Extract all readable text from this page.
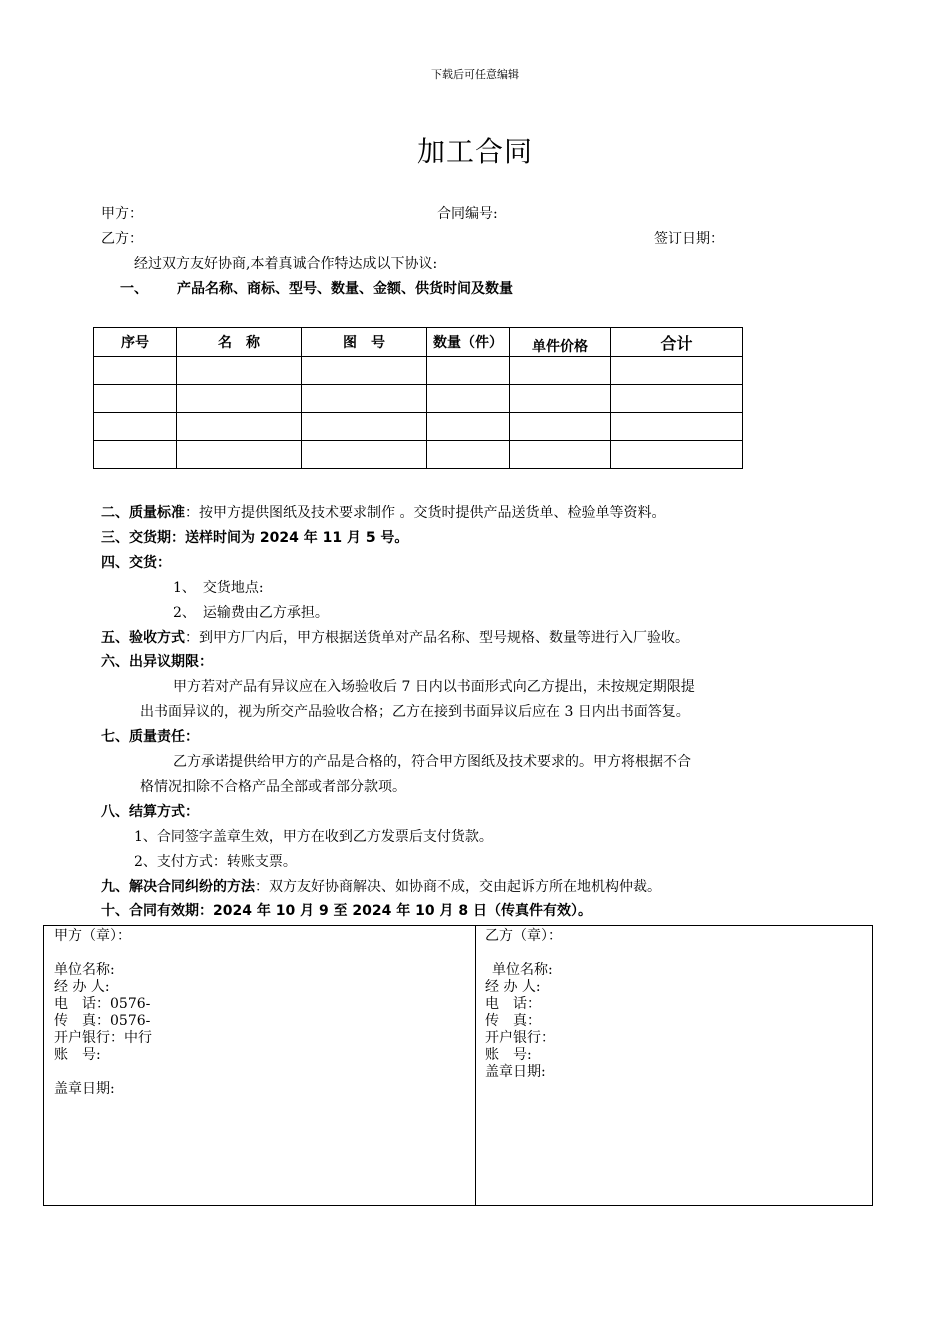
下载后可任意编辑
加工合同
甲方：	合同编号:
乙方：	签订日期：
经过双方友好协商,本着真诚合作特达成以下协议:
一、 产品名称、商标、型号、数量、金额、供货时间及数量
序号	名　称	图　号	数量（件）	单件价格	合计

二、质量标准：按甲方提供图纸及技术要求制作 。交货时提供产品送货单、检验单等资料。
三、交货期：送样时间为 2024 年 11 月 5 号。
四、交货：
1、　交货地点:
2、　运输费由乙方承担。
五、验收方式：到甲方厂内后，甲方根据送货单对产品名称、型号规格、数量等进行入厂验收。
六、出异议期限：
甲方若对产品有异议应在入场验收后 7 日内以书面形式向乙方提出，未按规定期限提
出书面异议的，视为所交产品验收合格；乙方在接到书面异议后应在 3 日内出书面答复。
七、质量责任：
乙方承诺提供给甲方的产品是合格的，符合甲方图纸及技术要求的。甲方将根据不合
格情况扣除不合格产品全部或者部分款项。
八、结算方式：
1、合同签字盖章生效，甲方在收到乙方发票后支付货款。
2、支付方式：转账支票。
九、解决合同纠纷的方法：双方友好协商解决、如协商不成，交由起诉方所在地机构仲裁。
十、合同有效期：2024 年 10 月 9 至 2024 年 10 月 8 日（传真件有效）。
甲方（章）：
单位名称:
经 办 人:
电　话：0576-
传　真：0576-
开户银行：中行
账　号:
盖章日期:
乙方（章）：
单位名称:
经 办 人:
电　话：
传　真：
开户银行：
账　号:
盖章日期:
